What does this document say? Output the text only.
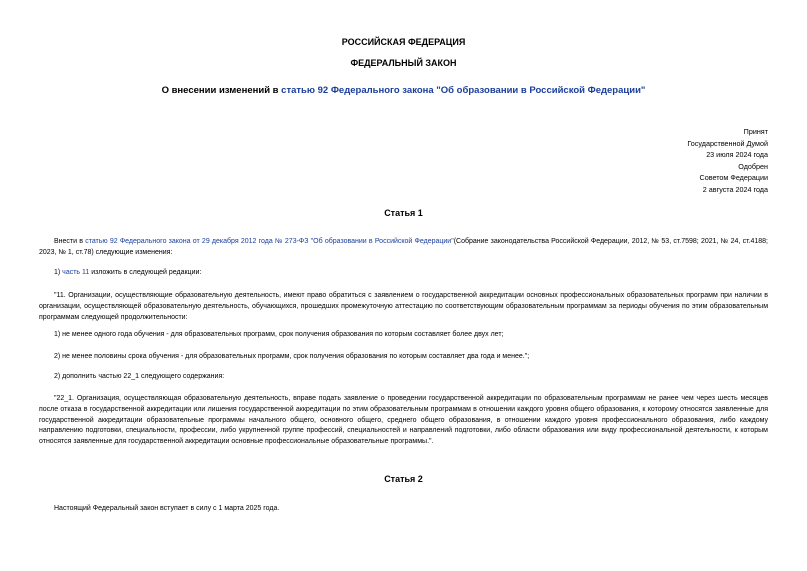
РОССИЙСКАЯ ФЕДЕРАЦИЯ
ФЕДЕРАЛЬНЫЙ ЗАКОН
О внесении изменений в статью 92 Федерального закона "Об образовании в Российской Федерации"
Принят
Государственной Думой
23 июля 2024 года
Одобрен
Советом Федерации
2 августа 2024 года
Статья 1
Внести в статью 92 Федерального закона от 29 декабря 2012 года № 273-ФЗ "Об образовании в Российской Федерации"(Собрание законодательства Российской Федерации, 2012, № 53, ст.7598; 2021, № 24, ст.4188; 2023, № 1, ст.78) следующие изменения:
1) часть 11 изложить в следующей редакции:
"11. Организации, осуществляющие образовательную деятельность, имеют право обратиться с заявлением о государственной аккредитации основных профессиональных образовательных программ при наличии в организации, осуществляющей образовательную деятельность, обучающихся, прошедших промежуточную аттестацию по соответствующим образовательным программам за периоды обучения по этим образовательным программам следующей продолжительности:
1) не менее одного года обучения - для образовательных программ, срок получения образования по которым составляет более двух лет;
2) не менее половины срока обучения - для образовательных программ, срок получения образования по которым составляет два года и менее.";
2) дополнить частью 22_1 следующего содержания:
"22_1. Организация, осуществляющая образовательную деятельность, вправе подать заявление о проведении государственной аккредитации по образовательным программам не ранее чем через шесть месяцев после отказа в государственной аккредитации или лишения государственной аккредитации по этим образовательным программам в отношении каждого уровня общего образования, к которому относятся заявленные для государственной аккредитации образовательные программы начального общего, основного общего, среднего общего образования, в отношении каждого уровня профессионального образования, либо каждому направлению подготовки, специальности, профессии, либо укрупненной группе профессий, специальностей и направлений подготовки, либо области образования или виду профессиональной деятельности, к которым относятся заявленные для государственной аккредитации основные профессиональные образовательные программы.".
Статья 2
Настоящий Федеральный закон вступает в силу с 1 марта 2025 года.
